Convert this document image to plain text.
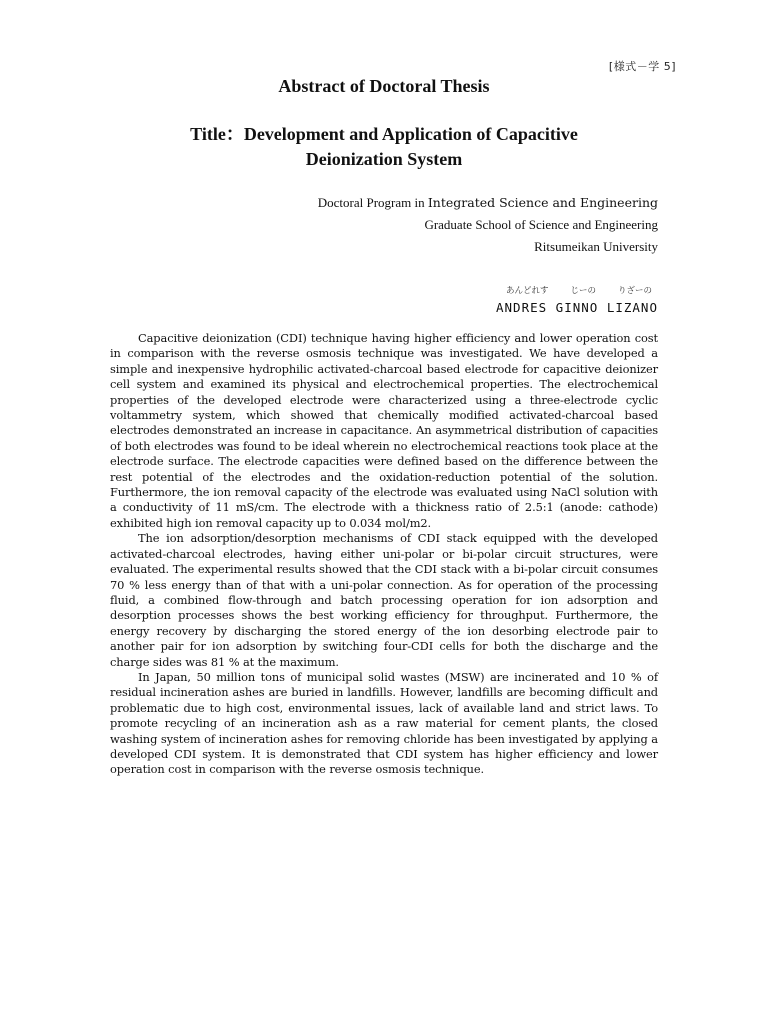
[様式－学 5]
Abstract of Doctoral Thesis
Title：Development and Application of Capacitive
Deionization System
Doctoral Program in Integrated Science and Engineering
Graduate School of Science and Engineering
Ritsumeikan University
あんどれす	じーの	りざーの
ANDRES GINNO LIZANO

Capacitive deionization (CDI) technique having higher efficiency and lower operation cost in comparison with the reverse osmosis technique was investigated. We have developed a simple and inexpensive hydrophilic activated-charcoal based electrode for capacitive deionizer cell system and examined its physical and electrochemical properties. The electrochemical properties of the developed electrode were characterized using a three-electrode cyclic voltammetry system, which showed that chemically modified activated-charcoal based electrodes demonstrated an increase in capacitance. An asymmetrical distribution of capacities of both electrodes was found to be ideal wherein no electrochemical reactions took place at the electrode surface. The electrode capacities were defined based on the difference between the rest potential of the electrodes and the oxidation-reduction potential of the solution. Furthermore, the ion removal capacity of the electrode was evaluated using NaCl solution with a conductivity of 11 mS/cm. The electrode with a thickness ratio of 2.5:1 (anode: cathode) exhibited high ion removal capacity up to 0.034 mol/m2.

The ion adsorption/desorption mechanisms of CDI stack equipped with the developed activated-charcoal electrodes, having either uni-polar or bi-polar circuit structures, were evaluated. The experimental results showed that the CDI stack with a bi-polar circuit consumes 70 % less energy than of that with a uni-polar connection. As for operation of the processing fluid, a combined flow-through and batch processing operation for ion adsorption and desorption processes shows the best working efficiency for throughput. Furthermore, the energy recovery by discharging the stored energy of the ion desorbing electrode pair to another pair for ion adsorption by switching four-CDI cells for both the discharge and the charge sides was 81 % at the maximum.

In Japan, 50 million tons of municipal solid wastes (MSW) are incinerated and 10 % of residual incineration ashes are buried in landfills. However, landfills are becoming difficult and problematic due to high cost, environmental issues, lack of available land and strict laws. To promote recycling of an incineration ash as a raw material for cement plants, the closed washing system of incineration ashes for removing chloride has been investigated by applying a developed CDI system. It is demonstrated that CDI system has higher efficiency and lower operation cost in comparison with the reverse osmosis technique.
